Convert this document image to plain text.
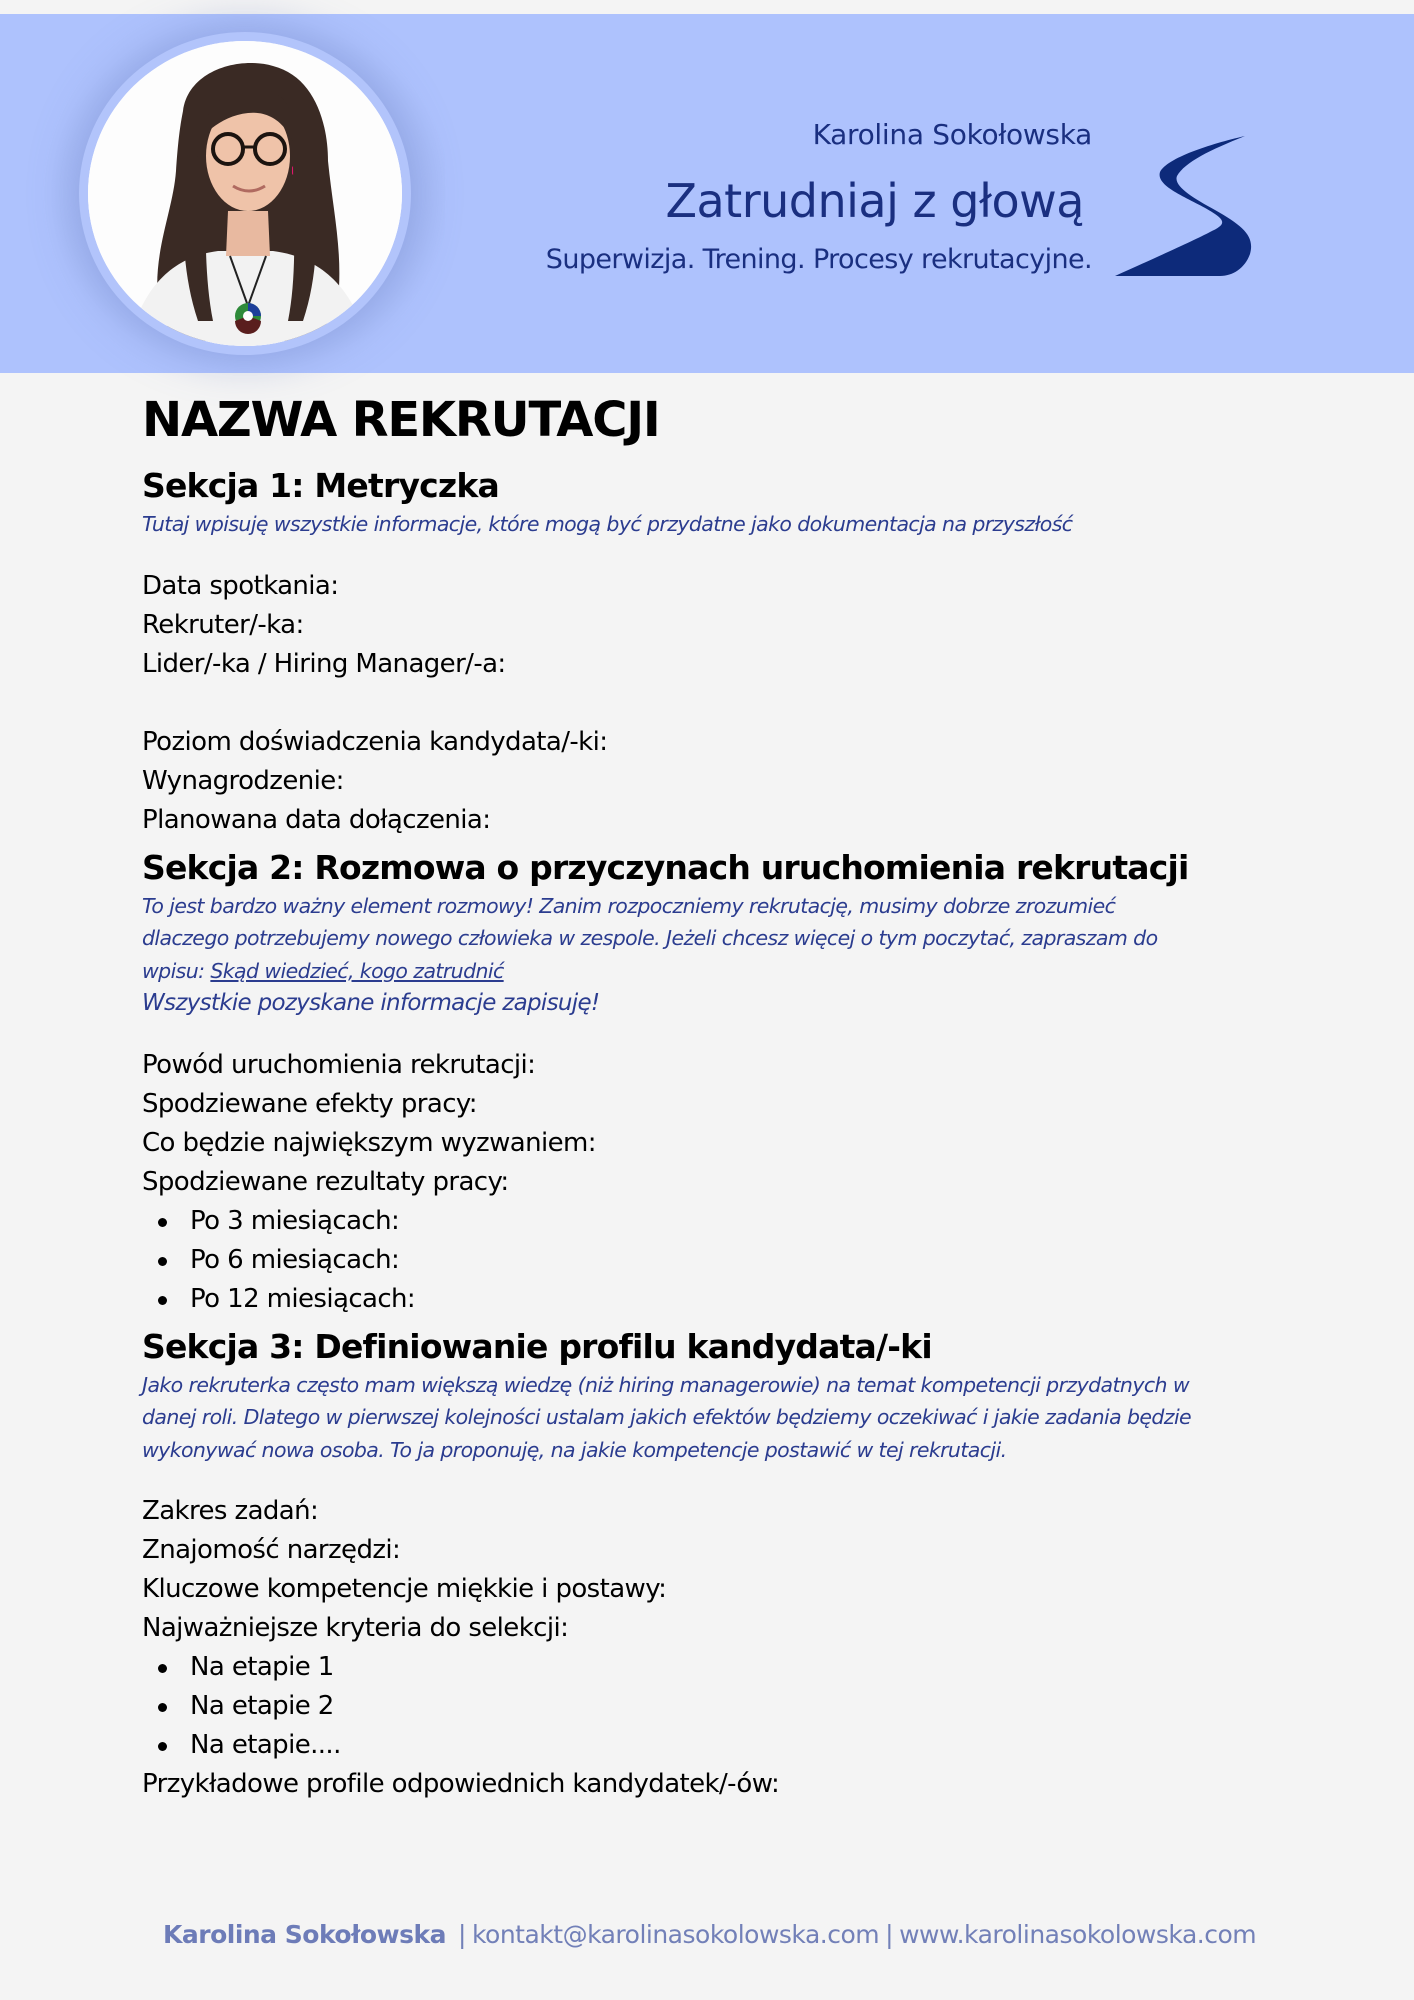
Karolina Sokołowska
Zatrudniaj z głową
Superwizja. Trening. Procesy rekrutacyjne.
NAZWA REKRUTACJI
Sekcja 1: Metryczka
Tutaj wpisuję wszystkie informacje, które mogą być przydatne jako dokumentacja na przyszłość
Data spotkania:
Rekruter/-ka:
Lider/-ka / Hiring Manager/-a:
Poziom doświadczenia kandydata/-ki:
Wynagrodzenie:
Planowana data dołączenia:
Sekcja 2: Rozmowa o przyczynach uruchomienia rekrutacji
To jest bardzo ważny element rozmowy! Zanim rozpoczniemy rekrutację, musimy dobrze zrozumieć
dlaczego potrzebujemy nowego człowieka w zespole. Jeżeli chcesz więcej o tym poczytać, zapraszam do
wpisu: Skąd wiedzieć, kogo zatrudnić
Wszystkie pozyskane informacje zapisuję!
Powód uruchomienia rekrutacji:
Spodziewane efekty pracy:
Co będzie największym wyzwaniem:
Spodziewane rezultaty pracy:
Po 3 miesiącach:
Po 6 miesiącach:
Po 12 miesiącach:
Sekcja 3: Definiowanie profilu kandydata/-ki
Jako rekruterka często mam większą wiedzę (niż hiring managerowie) na temat kompetencji przydatnych w
danej roli. Dlatego w pierwszej kolejności ustalam jakich efektów będziemy oczekiwać i jakie zadania będzie
wykonywać nowa osoba. To ja proponuję, na jakie kompetencje postawić w tej rekrutacji.
Zakres zadań:
Znajomość narzędzi:
Kluczowe kompetencje miękkie i postawy:
Najważniejsze kryteria do selekcji:
Na etapie 1
Na etapie 2
Na etapie....
Przykładowe profile odpowiednich kandydatek/-ów:
Karolina Sokołowska | kontakt@karolinasokolowska.com | www.karolinasokolowska.com
